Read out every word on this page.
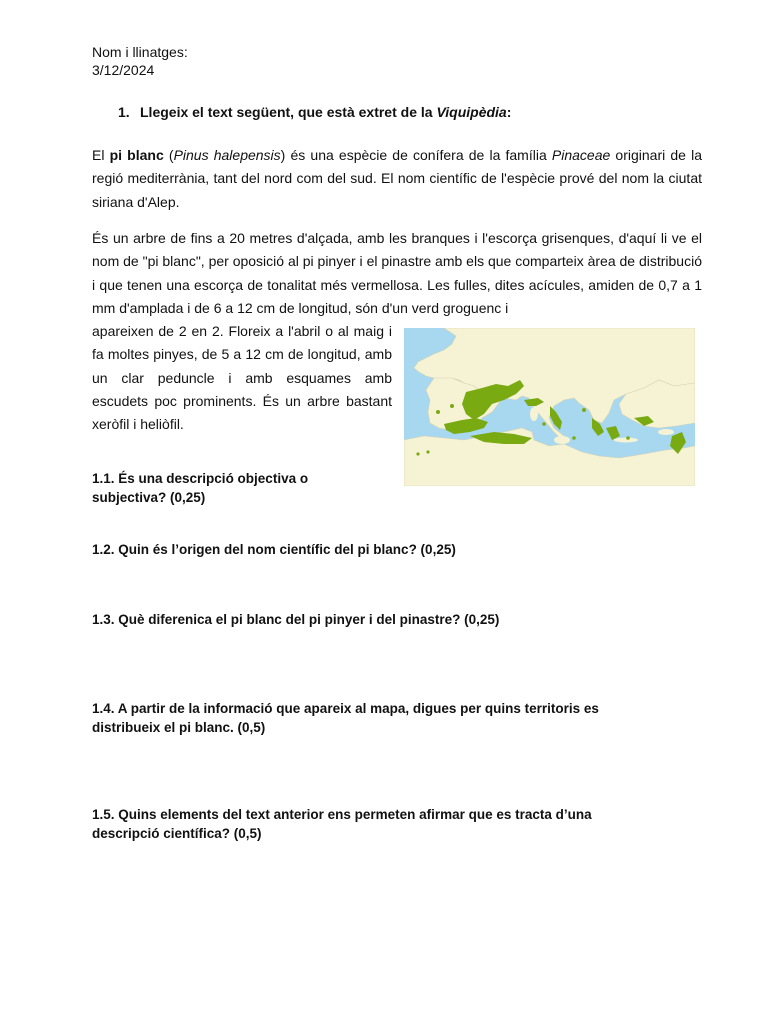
Nom i llinatges:
3/12/2024
1. Llegeix el text següent, que està extret de la Viquipèdia:

El pi blanc (Pinus halepensis) és una espècie de conífera de la família Pinaceae originari de la regió mediterrània, tant del nord com del sud. El nom científic de l'espècie prové del nom la ciutat siriana d'Alep.

És un arbre de fins a 20 metres d'alçada, amb les branques i l'escorça grisenques, d'aquí li ve el nom de "pi blanc", per oposició al pi pinyer i el pinastre amb els que comparteix àrea de distribució i que tenen una escorça de tonalitat més vermellosa. Les fulles, dites acícules, amiden de 0,7 a 1 mm d'amplada i de 6 a 12 cm de longitud, són d'un verd groguenc i

apareixen de 2 en 2. Floreix a l'abril o al maig i fa moltes pinyes, de 5 a 12 cm de longitud, amb un clar peduncle i amb esquames amb escudets poc prominents. És un arbre bastant xeròfil i heliòfil.

1.1. És una descripció objectiva o subjectiva? (0,25)
1.2. Quin és l’origen del nom científic del pi blanc? (0,25)
1.3. Què diferenica el pi blanc del pi pinyer i del pinastre? (0,25)
1.4. A partir de la informació que apareix al mapa, digues per quins territoris es distribueix el pi blanc. (0,5)
1.5. Quins elements del text anterior ens permeten afirmar que es tracta d’una descripció científica? (0,5)
